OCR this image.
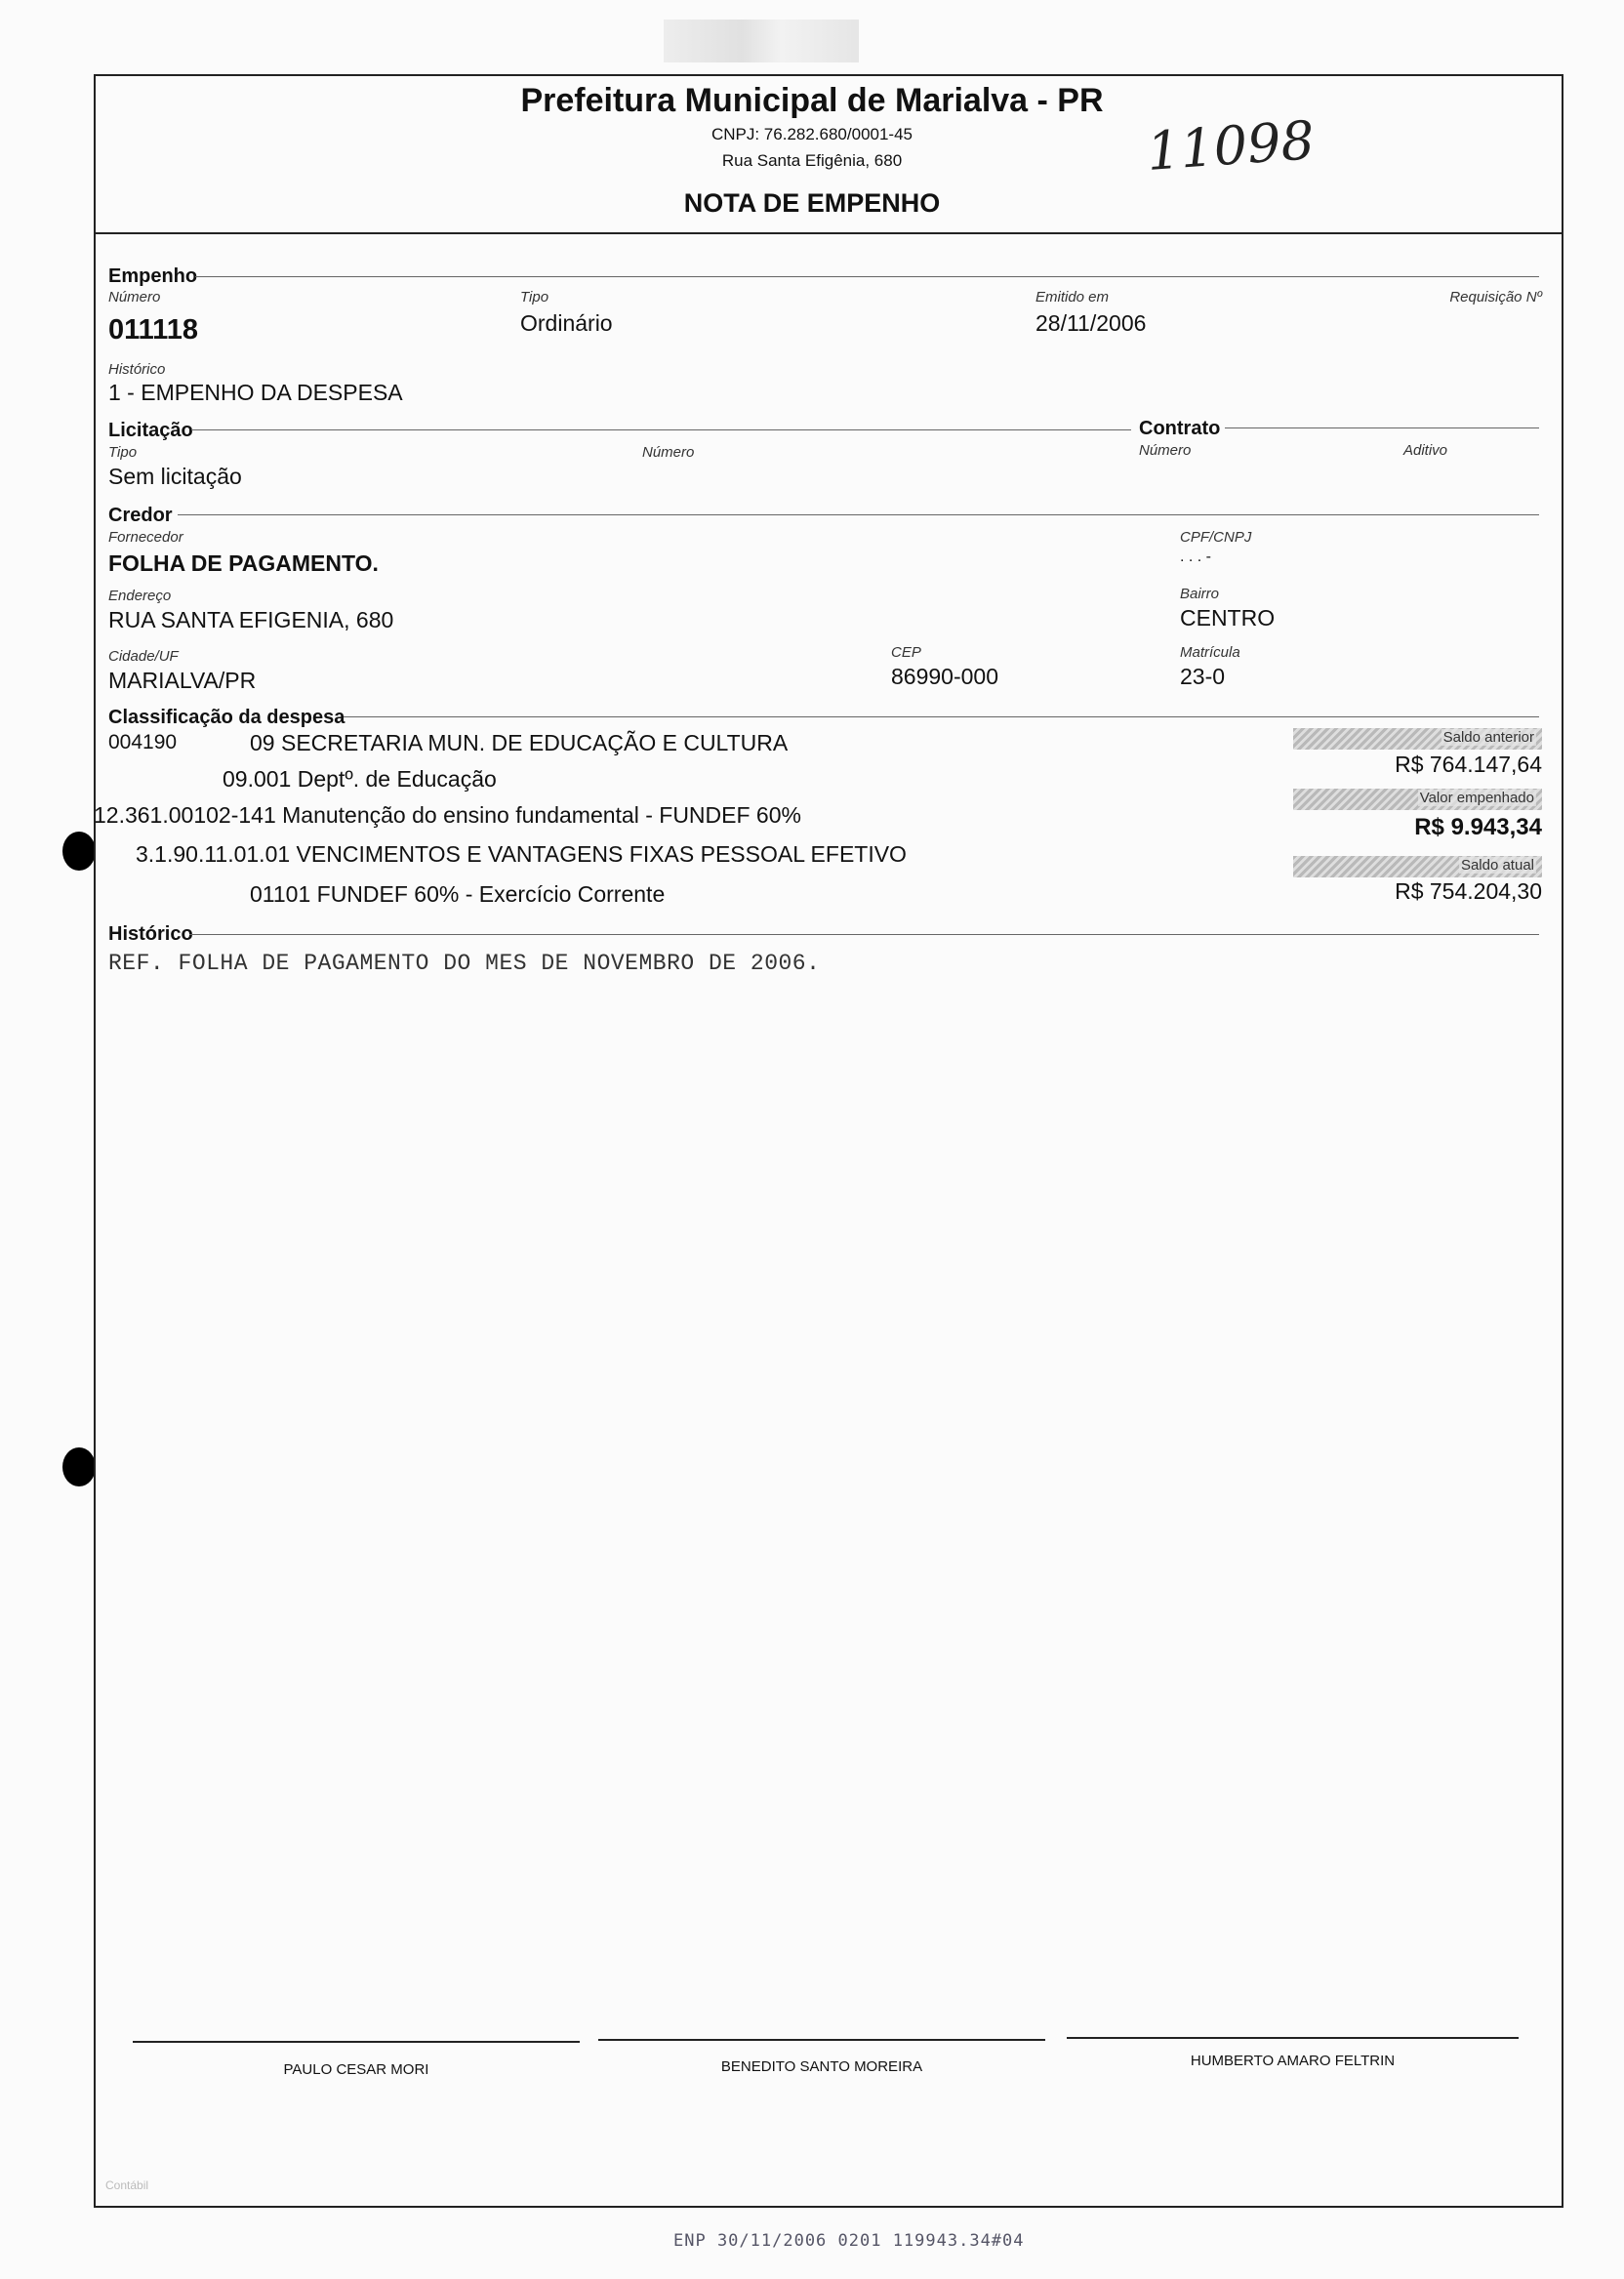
Prefeitura Municipal de Marialva - PR
CNPJ: 76.282.680/0001-45
Rua Santa Efigênia, 680
NOTA DE EMPENHO
11098
Empenho
Número
011118
Tipo
Ordinário
Emitido em
28/11/2006
Requisição Nº
Histórico
1 - EMPENHO DA DESPESA
Licitação	Contrato
Tipo
Sem licitação
Número	Número	Aditivo
Credor
Fornecedor
FOLHA DE PAGAMENTO.
CPF/CNPJ
. . . -
Endereço
RUA SANTA EFIGENIA, 680
Bairro
CENTRO
Cidade/UF
MARIALVA/PR
CEP
86990-000
Matrícula
23-0
Classificação da despesa
004190	09 SECRETARIA MUN. DE EDUCAÇÃO E CULTURA
09.001 Deptº. de Educação
12.361.00102-141 Manutenção do ensino fundamental - FUNDEF 60%
3.1.90.11.01.01 VENCIMENTOS E VANTAGENS FIXAS PESSOAL EFETIVO
01101 FUNDEF 60% - Exercício Corrente
Saldo anterior
R$ 764.147,64
Valor empenhado
R$ 9.943,34
Saldo atual
R$ 754.204,30
Histórico
REF. FOLHA DE PAGAMENTO DO MES DE NOVEMBRO DE 2006.
PAULO CESAR MORI	BENEDITO SANTO MOREIRA	HUMBERTO AMARO FELTRIN
Contábil
ENP 30/11/2006 0201 119943.34#04
